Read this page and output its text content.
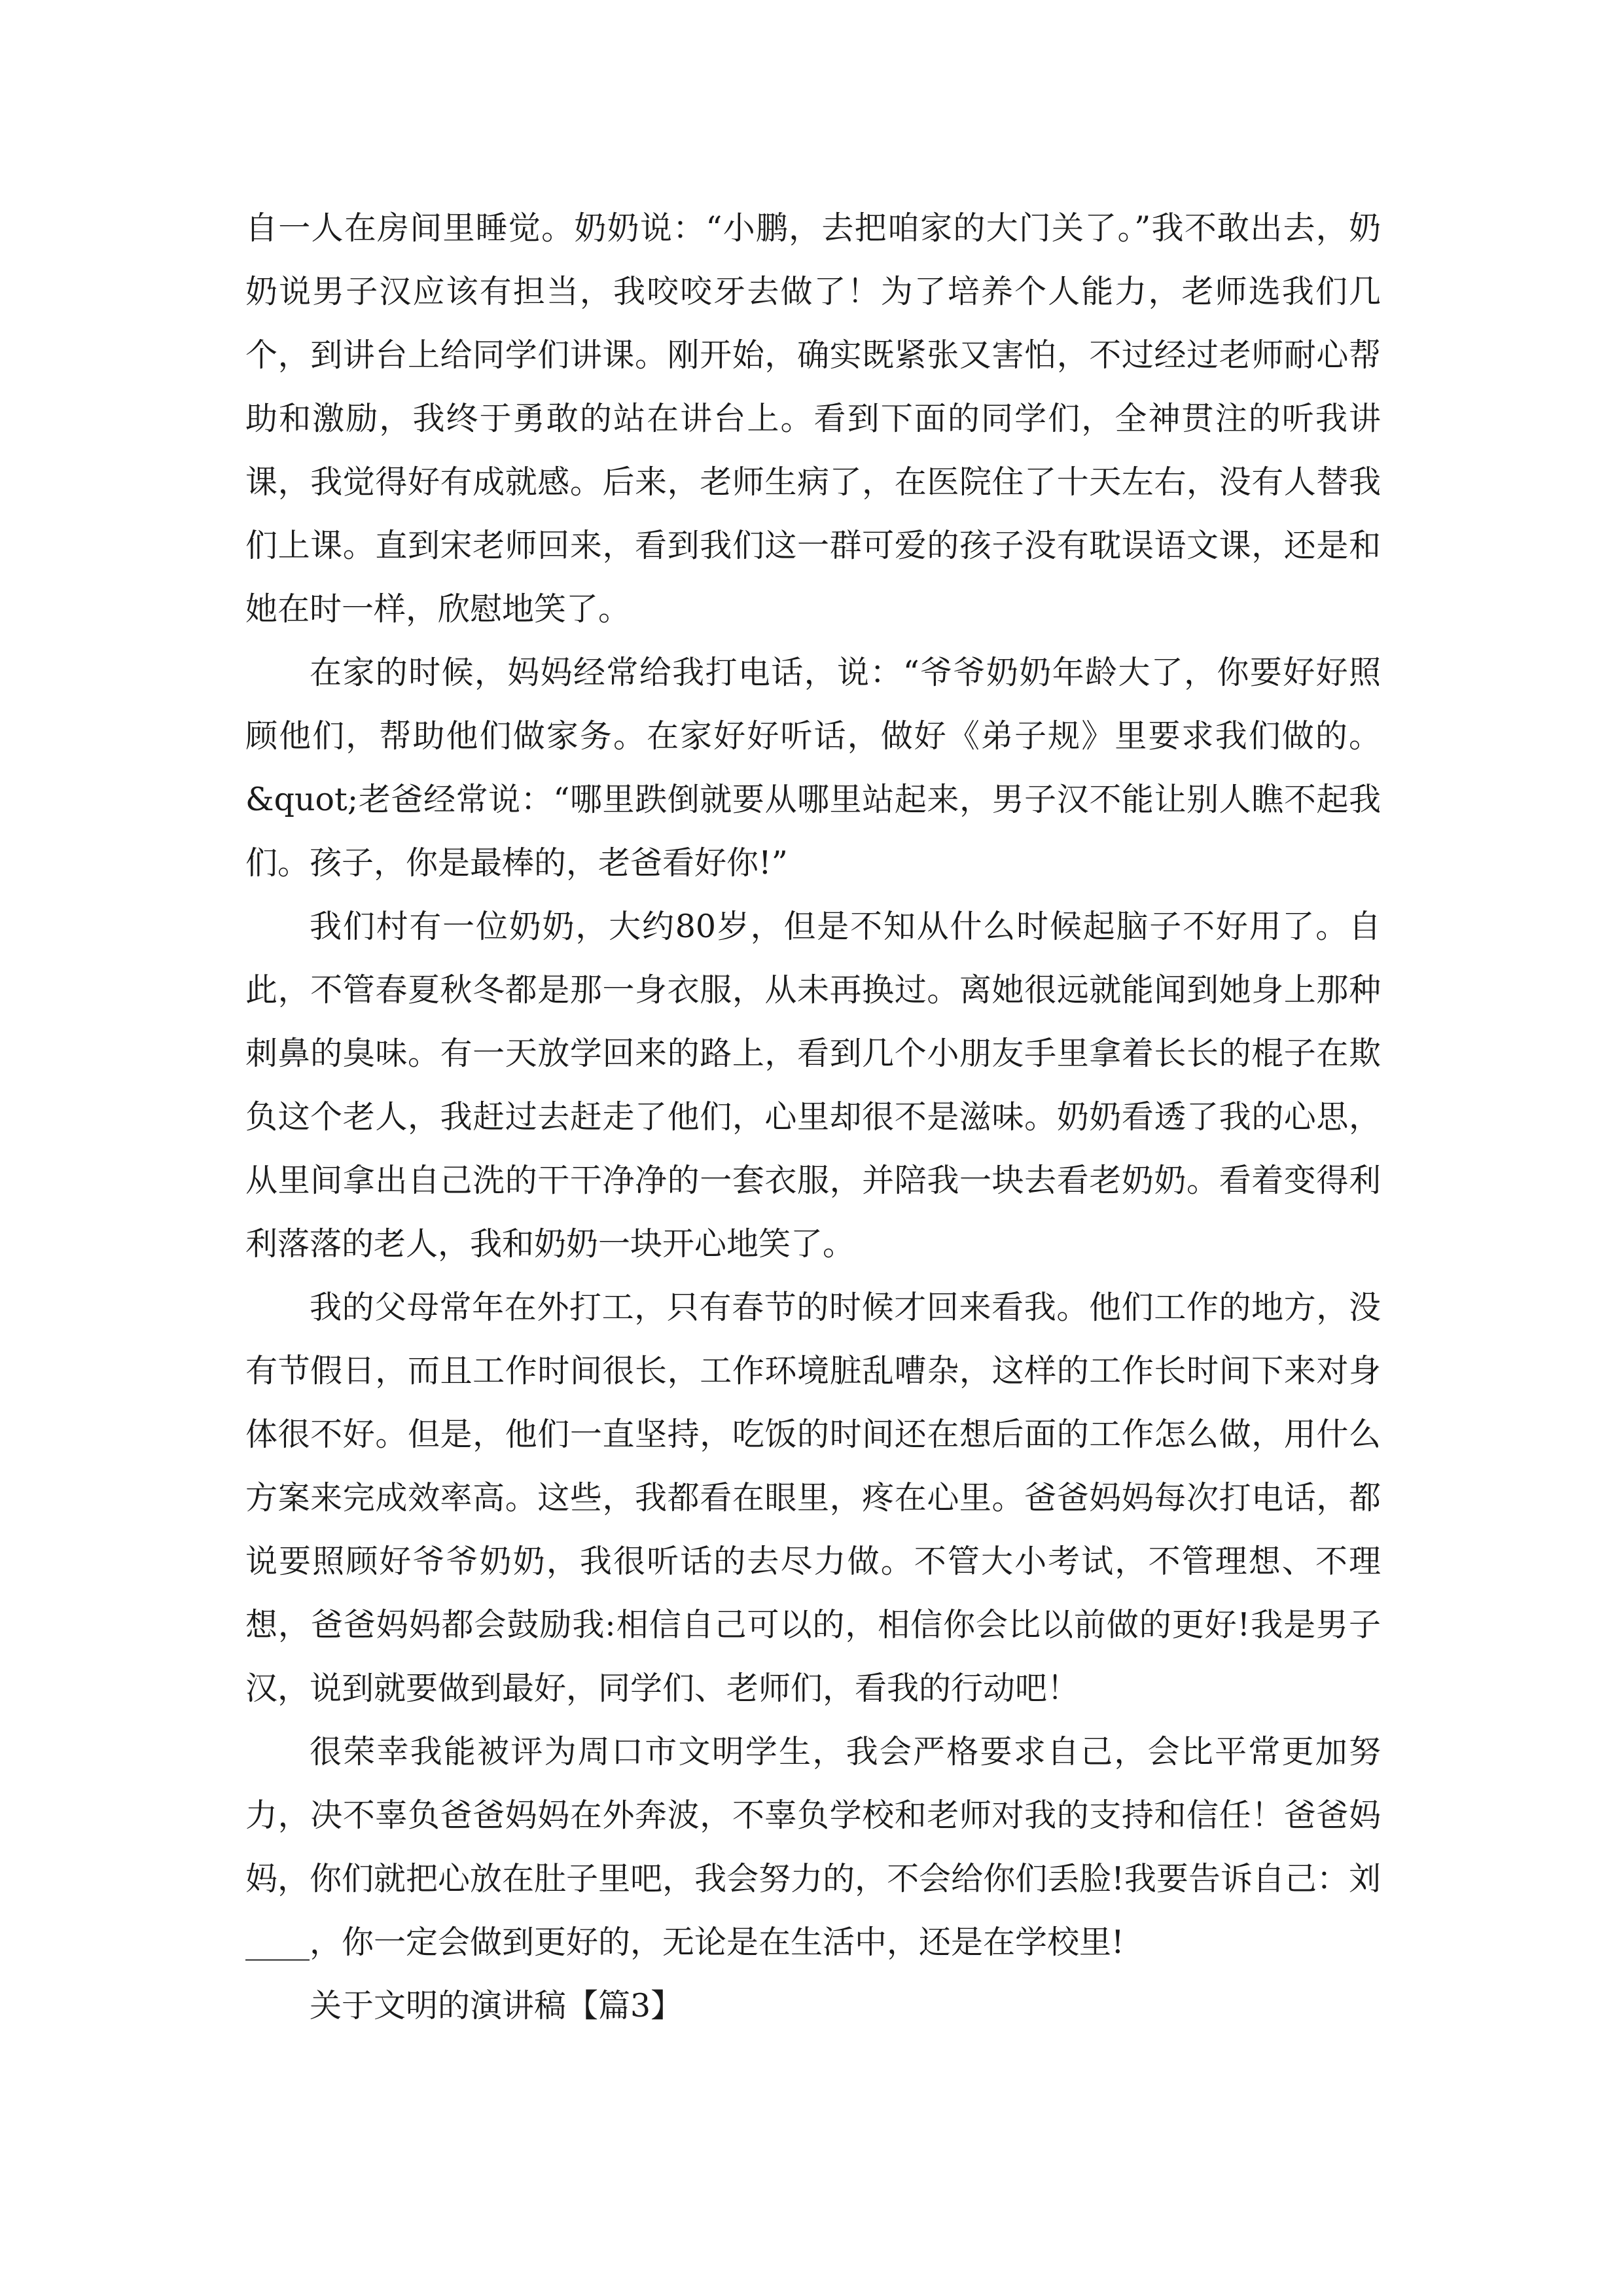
自一人在房间里睡觉。奶奶说：“小鹏，去把咱家的大门关了。”我不敢出去，奶奶说男子汉应该有担当，我咬咬牙去做了！为了培养个人能力，老师选我们几个，到讲台上给同学们讲课。刚开始，确实既紧张又害怕，不过经过老师耐心帮助和激励，我终于勇敢的站在讲台上。看到下面的同学们，全神贯注的听我讲课，我觉得好有成就感。后来，老师生病了，在医院住了十天左右，没有人替我们上课。直到宋老师回来，看到我们这一群可爱的孩子没有耽误语文课，还是和她在时一样，欣慰地笑了。

在家的时候，妈妈经常给我打电话，说：“爷爷奶奶年龄大了，你要好好照顾他们，帮助他们做家务。在家好好听话，做好《弟子规》里要求我们做的。&quot;老爸经常说：“哪里跌倒就要从哪里站起来，男子汉不能让别人瞧不起我们。孩子，你是最棒的，老爸看好你!”

我们村有一位奶奶，大约80岁，但是不知从什么时候起脑子不好用了。自此，不管春夏秋冬都是那一身衣服，从未再换过。离她很远就能闻到她身上那种刺鼻的臭味。有一天放学回来的路上，看到几个小朋友手里拿着长长的棍子在欺负这个老人，我赶过去赶走了他们，心里却很不是滋味。奶奶看透了我的心思，从里间拿出自己洗的干干净净的一套衣服，并陪我一块去看老奶奶。看着变得利利落落的老人，我和奶奶一块开心地笑了。

我的父母常年在外打工，只有春节的时候才回来看我。他们工作的地方，没有节假日，而且工作时间很长，工作环境脏乱嘈杂，这样的工作长时间下来对身体很不好。但是，他们一直坚持，吃饭的时间还在想后面的工作怎么做，用什么方案来完成效率高。这些，我都看在眼里，疼在心里。爸爸妈妈每次打电话，都说要照顾好爷爷奶奶，我很听话的去尽力做。不管大小考试，不管理想、不理想，爸爸妈妈都会鼓励我:相信自己可以的，相信你会比以前做的更好!我是男子汉，说到就要做到最好，同学们、老师们，看我的行动吧！

很荣幸我能被评为周口市文明学生，我会严格要求自己，会比平常更加努力，决不辜负爸爸妈妈在外奔波，不辜负学校和老师对我的支持和信任！爸爸妈妈，你们就把心放在肚子里吧，我会努力的，不会给你们丢脸!我要告诉自己：刘____，你一定会做到更好的，无论是在生活中，还是在学校里!

关于文明的演讲稿【篇3】
